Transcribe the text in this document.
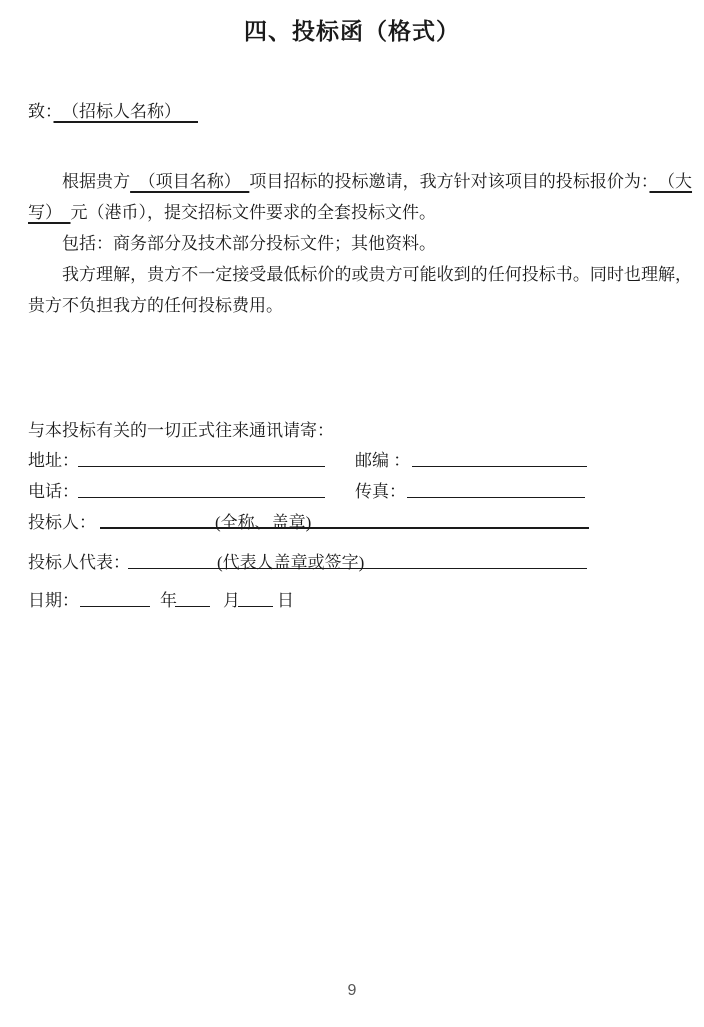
四、投标函（格式）
致：　（招标人名称）　 

根据贵方 （项目名称）　项目招标的投标邀请，我方针对该项目的投标报价为：　（大写） 元（港币），提交招标文件要求的全套投标文件。

包括：商务部分及技术部分投标文件；其他资料。

我方理解，贵方不一定接受最低标价的或贵方可能收到的任何投标书。同时也理解，贵方不负担我方的任何投标费用。

与本投标有关的一切正式往来通讯请寄：
地址：	邮编 ：
电话：	传真：
投标人：	(全称、盖章)
投标人代表：	(代表人盖章或签字)
日期：	年	月 日
9
